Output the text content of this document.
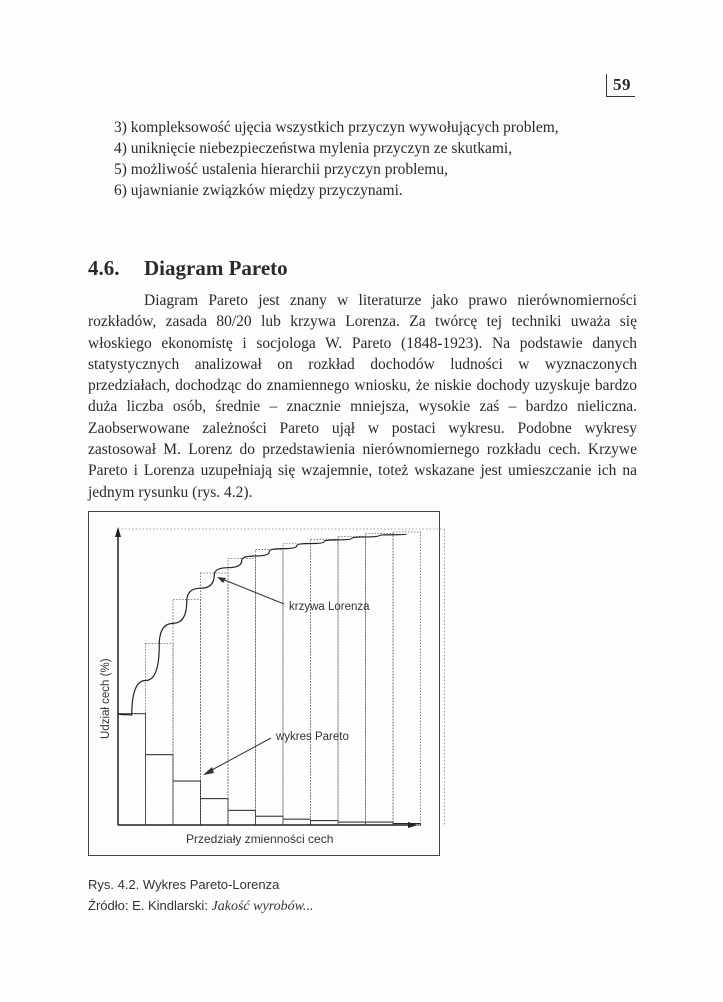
59
3) kompleksowość ujęcia wszystkich przyczyn wywołujących problem,
4) uniknięcie niebezpieczeństwa mylenia przyczyn ze skutkami,
5) możliwość ustalenia hierarchii przyczyn problemu,
6) ujawnianie związków między przyczynami.
4.6. Diagram Pareto
Diagram Pareto jest znany w literaturze jako prawo nierównomierności rozkładów, zasada 80/20 lub krzywa Lorenza. Za twórcę tej techniki uważa się włoskiego ekonomistę i socjologa W. Pareto (1848-1923). Na podstawie danych statystycznych analizował on rozkład dochodów ludności w wyznaczonych przedziałach, dochodząc do znamiennego wniosku, że niskie dochody uzyskuje bardzo duża liczba osób, średnie – znacznie mniejsza, wysokie zaś – bardzo nieliczna. Zaobserwowane zależności Pareto ujął w postaci wykresu. Podobne wykresy zastosował M. Lorenz do przedstawienia nierównomiernego rozkładu cech. Krzywe Pareto i Lorenza uzupełniają się wzajemnie, toteż wskazane jest umieszczanie ich na jednym rysunku (rys. 4.2).
Przedziały zmienności cech
Udział cech (%)
krzywa Lorenza
wykres Pareto
Rys. 4.2. Wykres Pareto-Lorenza
Źródło: E. Kindlarski: Jakość wyrobów...
